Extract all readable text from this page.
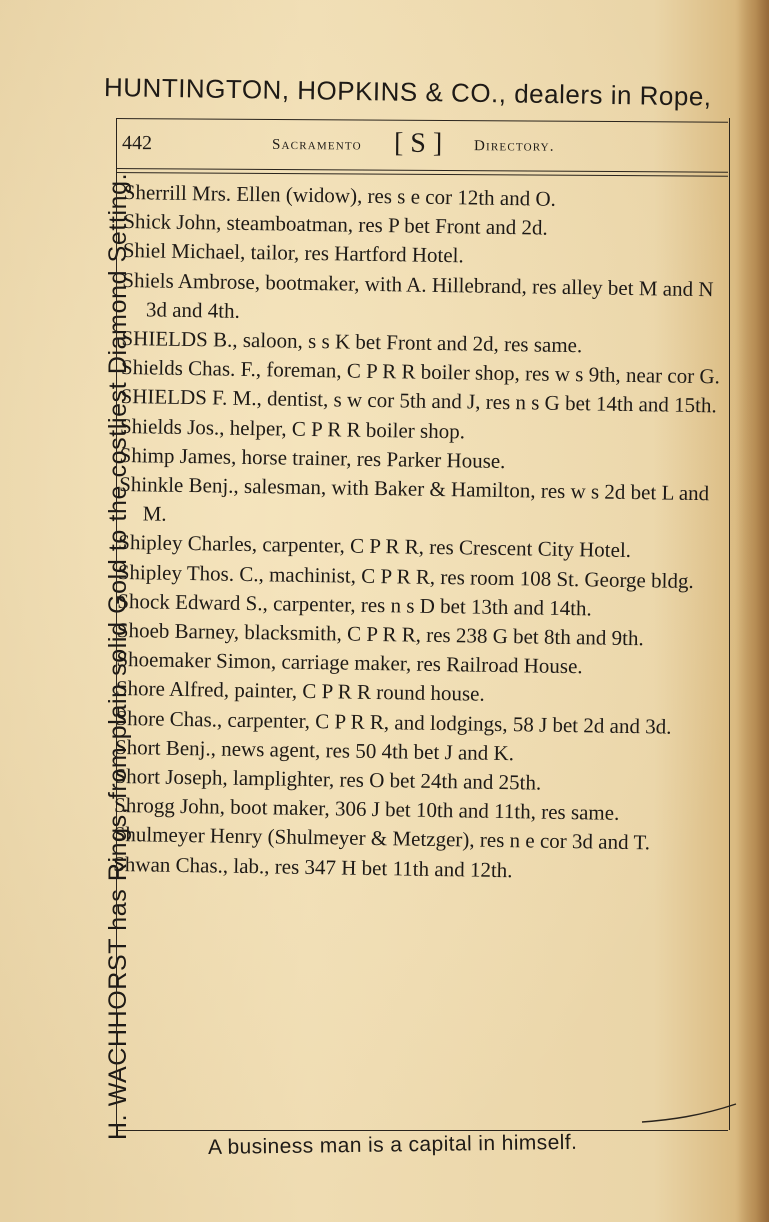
HUNTINGTON, HOPKINS & CO., dealers in Rope,
H. WACHHORST has Rings, from plain solid Gold to the costliest Diamond Setting.
442	Sacramento [ S ] Directory.

Sherrill Mrs. Ellen (widow), res s e cor 12th and O.

Shick John, steamboatman, res P bet Front and 2d.

Shiel Michael, tailor, res Hartford Hotel.

Shiels Ambrose, bootmaker, with A. Hillebrand, res alley bet M and N 3d and 4th.

SHIELDS B., saloon, s s K bet Front and 2d, res same.

Shields Chas. F., foreman, C P R R boiler shop, res w s 9th, near cor G.

SHIELDS F. M., dentist, s w cor 5th and J, res n s G bet 14th and 15th.

Shields Jos., helper, C P R R boiler shop.

Shimp James, horse trainer, res Parker House.

Shinkle Benj., salesman, with Baker & Hamilton, res w s 2d bet L and M.

Shipley Charles, carpenter, C P R R, res Crescent City Hotel.

Shipley Thos. C., machinist, C P R R, res room 108 St. George bldg.

Shock Edward S., carpenter, res n s D bet 13th and 14th.

Shoeb Barney, blacksmith, C P R R, res 238 G bet 8th and 9th.

Shoemaker Simon, carriage maker, res Railroad House.

Shore Alfred, painter, C P R R round house.

Shore Chas., carpenter, C P R R, and lodgings, 58 J bet 2d and 3d.

Short Benj., news agent, res 50 4th bet J and K.

Short Joseph, lamplighter, res O bet 24th and 25th.

Shrogg John, boot maker, 306 J bet 10th and 11th, res same.

Shulmeyer Henry (Shulmeyer & Metzger), res n e cor 3d and T.

Shwan Chas., lab., res 347 H bet 11th and 12th.

A business man is a capital in himself.
